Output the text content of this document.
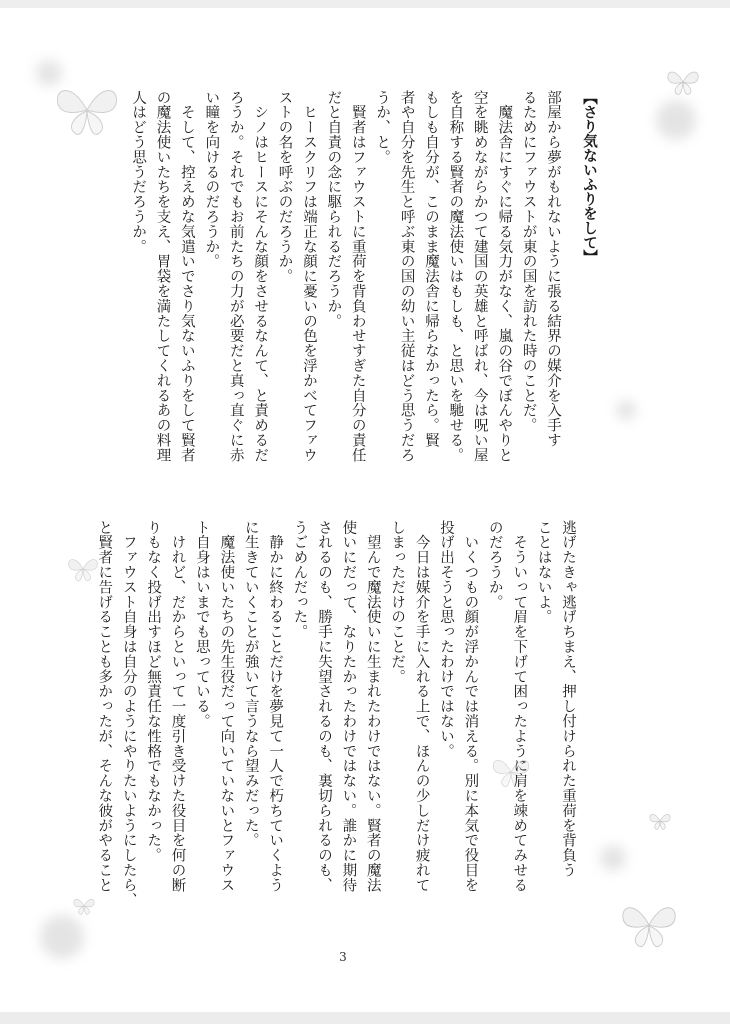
【さり気ないふりをして】
部屋から夢がもれないように張る結界の媒介を入手す
るためにファウストが東の国を訪れた時のことだ。
　魔法舎にすぐに帰る気力がなく、嵐の谷でぼんやりと
空を眺めながらかつて建国の英雄と呼ばれ、今は呪い屋
を自称する賢者の魔法使いはもしも、と思いを馳せる。
もしも自分が、このまま魔法舎に帰らなかったら。賢
者や自分を先生と呼ぶ東の国の幼い主従はどう思うだろ
うか、と。
　賢者はファウストに重荷を背負わせすぎた自分の責任
だと自責の念に駆られるだろうか。
　ヒースクリフは端正な顔に憂いの色を浮かべてファウ
ストの名を呼ぶのだろうか。
　シノはヒースにそんな顔をさせるなんて、と責めるだ
ろうか。それでもお前たちの力が必要だと真っ直ぐに赤
い瞳を向けるのだろうか。
　そして、控えめな気遣いでさり気ないふりをして賢者
の魔法使いたちを支え、胃袋を満たしてくれるあの料理
人はどう思うだろうか。
逃げたきゃ逃げちまえ、押し付けられた重荷を背負う
ことはないよ。
　そういって眉を下げて困ったように肩を竦めてみせる
のだろうか。
　いくつもの顔が浮かんでは消える。別に本気で役目を
投げ出そうと思ったわけではない。
　今日は媒介を手に入れる上で、ほんの少しだけ疲れて
しまっただけのことだ。
　望んで魔法使いに生まれたわけではない。賢者の魔法
使いにだって、なりたかったわけではない。誰かに期待
されるのも、勝手に失望されるのも、裏切られるのも、
うごめんだった。
　静かに終わることだけを夢見て一人で朽ちていくよう
に生きていくことが強いて言うなら望みだった。
　魔法使いたちの先生役だって向いていないとファウス
ト自身はいまでも思っている。
　けれど、だからといって一度引き受けた役目を何の断
りもなく投げ出すほど無責任な性格でもなかった。
　ファウスト自身は自分のようにやりたいようにしたら、
と賢者に告げることも多かったが、そんな彼がやること
3
